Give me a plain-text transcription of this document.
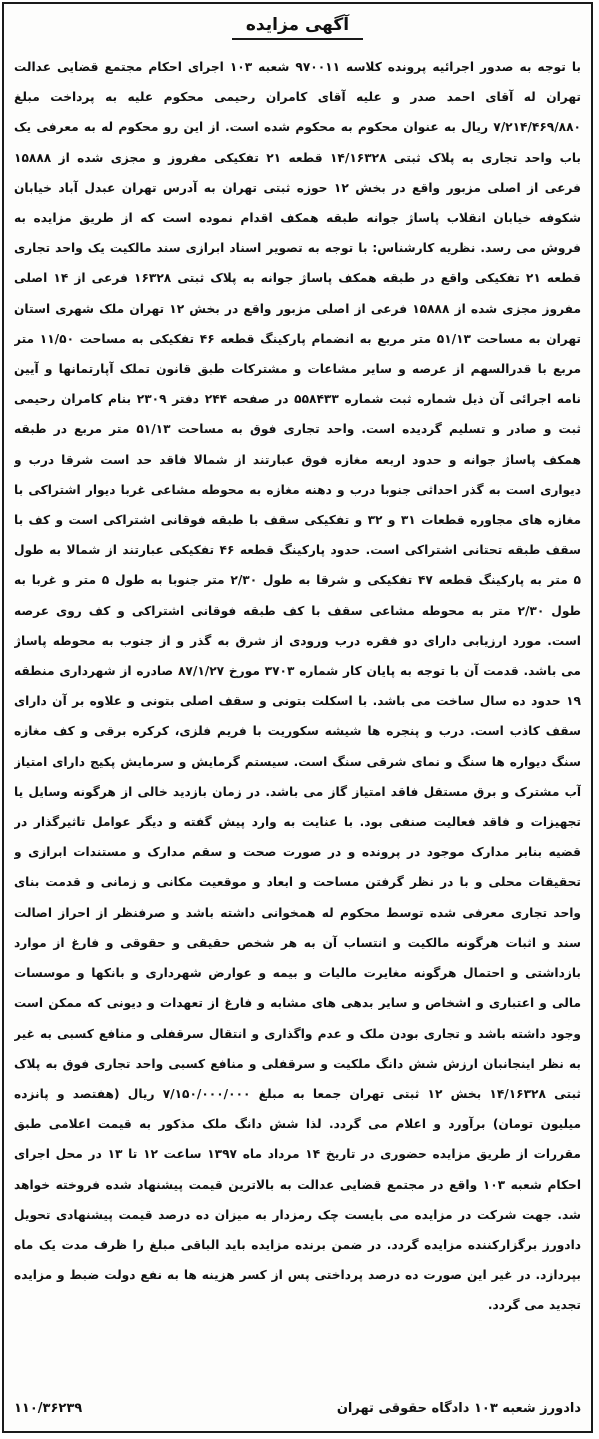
آگهی مزایده
با توجه به صدور اجرائیه پرونده کلاسه ۹۷۰۰۱۱ شعبه ۱۰۳ اجرای احکام مجتمع قضایی عدالت تهران له آقای احمد صدر و علیه آقای کامران رحیمی محکوم علیه به پرداخت مبلغ ۷/۲۱۴/۴۶۹/۸۸۰ ریال به عنوان محکوم به محکوم شده است. از این رو محکوم له به معرفی یک باب واحد تجاری به پلاک ثبتی ۱۴/۱۶۳۲۸ قطعه ۲۱ تفکیکی مفروز و مجزی شده از ۱۵۸۸۸ فرعی از اصلی مزبور واقع در بخش ۱۲ حوزه ثبتی تهران به آدرس تهران عبدل آباد خیابان شکوفه خیابان انقلاب پاساژ جوانه طبقه همکف اقدام نموده است که از طریق مزایده به فروش می رسد. نظریه کارشناس: با توجه به تصویر اسناد ابرازی سند مالکیت یک واحد تجاری قطعه ۲۱ تفکیکی واقع در طبقه همکف پاساژ جوانه به پلاک ثبتی ۱۶۳۲۸ فرعی از ۱۴ اصلی مفروز مجزی شده از ۱۵۸۸۸ فرعی از اصلی مزبور واقع در بخش ۱۲ تهران ملک شهری استان تهران به مساحت ۵۱/۱۳ متر مربع به انضمام پارکینگ قطعه ۴۶ تفکیکی به مساحت ۱۱/۵۰ متر مربع با قدرالسهم از عرصه و سایر مشاعات و مشترکات طبق قانون تملک آپارتمانها و آیین نامه اجرائی آن ذیل شماره ثبت شماره ۵۵۸۴۳۳ در صفحه ۲۴۴ دفتر ۲۳۰۹ بنام کامران رحیمی ثبت و صادر و تسلیم گردیده است. واحد تجاری فوق به مساحت ۵۱/۱۳ متر مربع در طبقه همکف پاساژ جوانه و حدود اربعه مغازه فوق عبارتند از شمالا فاقد حد است شرقا درب و دیواری است به گذر احداثی جنوبا درب و دهنه مغازه به محوطه مشاعی غربا دیوار اشتراکی با مغازه های مجاوره قطعات ۳۱ و ۳۲ و تفکیکی سقف با طبقه فوقانی اشتراکی است و کف با سقف طبقه تحتانی اشتراکی است. حدود پارکینگ قطعه ۴۶ تفکیکی عبارتند از شمالا به طول ۵ متر به پارکینگ قطعه ۴۷ تفکیکی و شرقا به طول ۲/۳۰ متر جنوبا به طول ۵ متر و غربا به طول ۲/۳۰ متر به محوطه مشاعی سقف با کف طبقه فوقانی اشتراکی و کف روی عرصه است. مورد ارزیابی دارای دو فقره درب ورودی از شرق به گذر و از جنوب به محوطه پاساژ می باشد. قدمت آن با توجه به پایان کار شماره ۳۷۰۳ مورخ ۸۷/۱/۲۷ صادره از شهرداری منطقه ۱۹ حدود ده سال ساخت می باشد. با اسکلت بتونی و سقف اصلی بتونی و علاوه بر آن دارای سقف کاذب است. درب و پنجره ها شیشه سکوریت با فریم فلزی، کرکره برقی و کف مغازه سنگ دیواره ها سنگ و نمای شرقی سنگ است. سیستم گرمایش و سرمایش پکیج دارای امتیاز آب مشترک و برق مستقل فاقد امتیاز گاز می باشد. در زمان بازدید خالی از هرگونه وسایل یا تجهیزات و فاقد فعالیت صنفی بود. با عنایت به وارد پیش گفته و دیگر عوامل تاثیرگذار در قضیه بنابر مدارک موجود در پرونده و در صورت صحت و سقم مدارک و مستندات ابرازی و تحقیقات محلی و با در نظر گرفتن مساحت و ابعاد و موقعیت مکانی و زمانی و قدمت بنای واحد تجاری معرفی شده توسط محکوم له همخوانی داشته باشد و صرفنظر از احراز اصالت سند و اثبات هرگونه مالکیت و انتساب آن به هر شخص حقیقی و حقوقی و فارغ از موارد بازداشتی و احتمال هرگونه مغایرت مالیات و بیمه و عوارض شهرداری و بانکها و موسسات مالی و اعتباری و اشخاص و سایر بدهی های مشابه و فارغ از تعهدات و دیونی که ممکن است وجود داشته باشد و تجاری بودن ملک و عدم واگذاری و انتقال سرقفلی و منافع کسبی به غیر به نظر اینجانبان ارزش شش دانگ ملکیت و سرقفلی و منافع کسبی واحد تجاری فوق به پلاک ثبتی ۱۴/۱۶۳۲۸ بخش ۱۲ ثبتی تهران جمعا به مبلغ ۷/۱۵۰/۰۰۰/۰۰۰ ریال (هفتصد و پانزده میلیون تومان) برآورد و اعلام می گردد. لذا شش دانگ ملک مذکور به قیمت اعلامی طبق مقررات از طریق مزایده حضوری در تاریخ ۱۴ مرداد ماه ۱۳۹۷ ساعت ۱۲ تا ۱۳ در محل اجرای احکام شعبه ۱۰۳ واقع در مجتمع قضایی عدالت به بالاترین قیمت پیشنهاد شده فروخته خواهد شد. جهت شرکت در مزایده می بایست چک رمزدار به میزان ده درصد قیمت پیشنهادی تحویل دادورز برگزارکننده مزایده گردد. در ضمن برنده مزایده باید الباقی مبلغ را ظرف مدت یک ماه بپردازد. در غیر این صورت ده درصد پرداختی پس از کسر هزینه ها به نفع دولت ضبط و مزایده تجدید می گردد.
دادورز شعبه ۱۰۳ دادگاه حقوقی تهران
۱۱۰/۳۶۲۳۹
